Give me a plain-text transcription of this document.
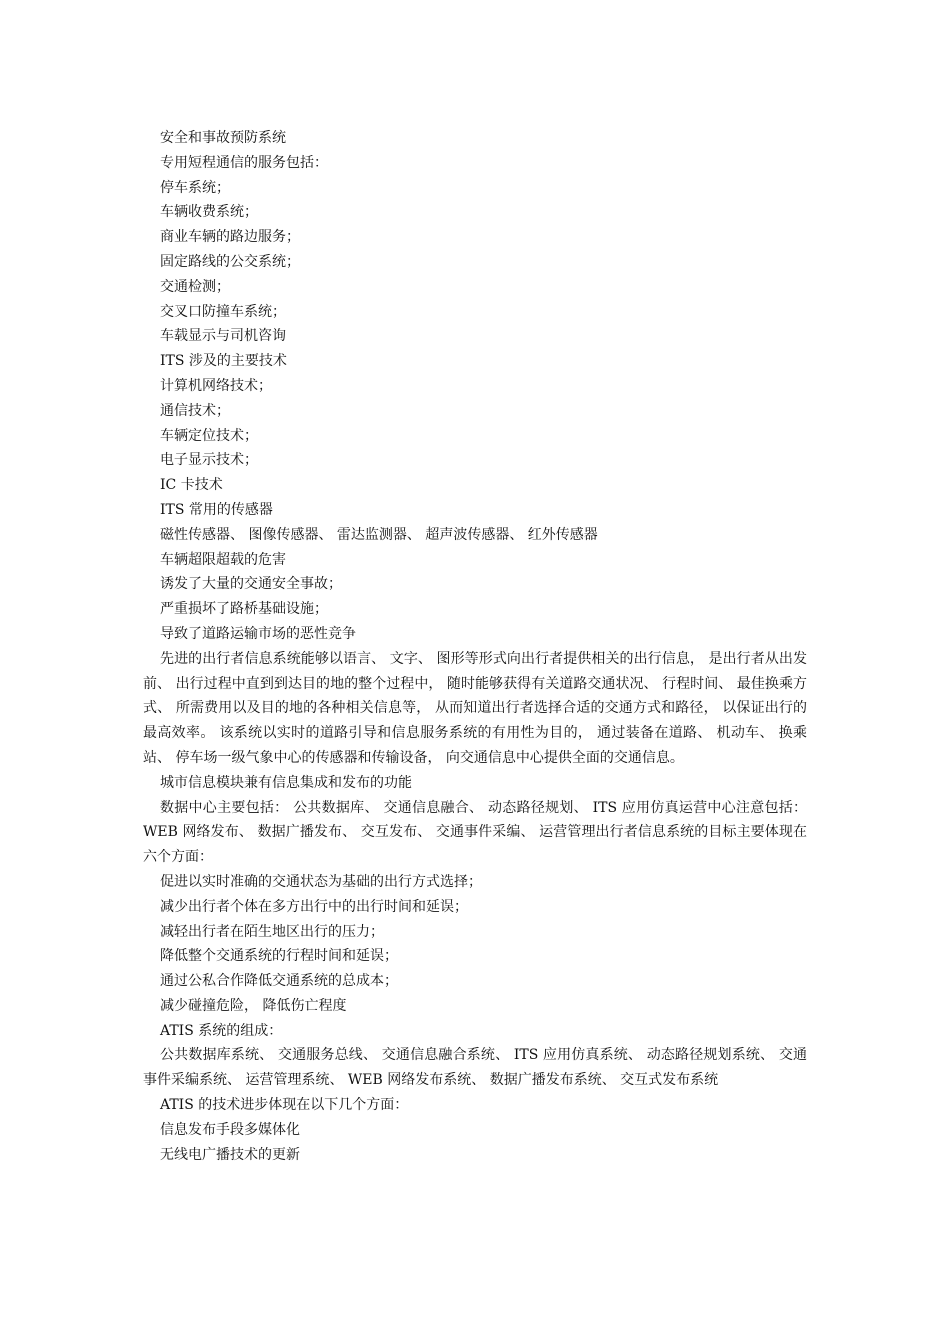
安全和事故预防系统

专用短程通信的服务包括：

停车系统；

车辆收费系统；

商业车辆的路边服务；

固定路线的公交系统；

交通检测；

交叉口防撞车系统；

车载显示与司机咨询

ITS 涉及的主要技术

计算机网络技术；

通信技术；

车辆定位技术；

电子显示技术；

IC 卡技术

ITS 常用的传感器

磁性传感器、 图像传感器、 雷达监测器、 超声波传感器、 红外传感器

车辆超限超载的危害

诱发了大量的交通安全事故；

严重损坏了路桥基础设施；

导致了道路运输市场的恶性竞争

先进的出行者信息系统能够以语言、 文字、 图形等形式向出行者提供相关的出行信息， 是出行者从出发前、 出行过程中直到到达目的地的整个过程中， 随时能够获得有关道路交通状况、 行程时间、 最佳换乘方式、 所需费用以及目的地的各种相关信息等， 从而知道出行者选择合适的交通方式和路径， 以保证出行的最高效率。 该系统以实时的道路引导和信息服务系统的有用性为目的， 通过装备在道路、 机动车、 换乘站、 停车场一级气象中心的传感器和传输设备， 向交通信息中心提供全面的交通信息。

城市信息模块兼有信息集成和发布的功能

数据中心主要包括： 公共数据库、 交通信息融合、 动态路径规划、 ITS 应用仿真运营中心注意包括： WEB 网络发布、 数据广播发布、 交互发布、 交通事件采编、 运营管理出行者信息系统的目标主要体现在六个方面：

促进以实时准确的交通状态为基础的出行方式选择；

减少出行者个体在多方出行中的出行时间和延误；

减轻出行者在陌生地区出行的压力；

降低整个交通系统的行程时间和延误；

通过公私合作降低交通系统的总成本；

减少碰撞危险， 降低伤亡程度

ATIS 系统的组成：

公共数据库系统、 交通服务总线、 交通信息融合系统、 ITS 应用仿真系统、 动态路径规划系统、 交通事件采编系统、 运营管理系统、 WEB 网络发布系统、 数据广播发布系统、 交互式发布系统

ATIS 的技术进步体现在以下几个方面：

信息发布手段多媒体化

无线电广播技术的更新
